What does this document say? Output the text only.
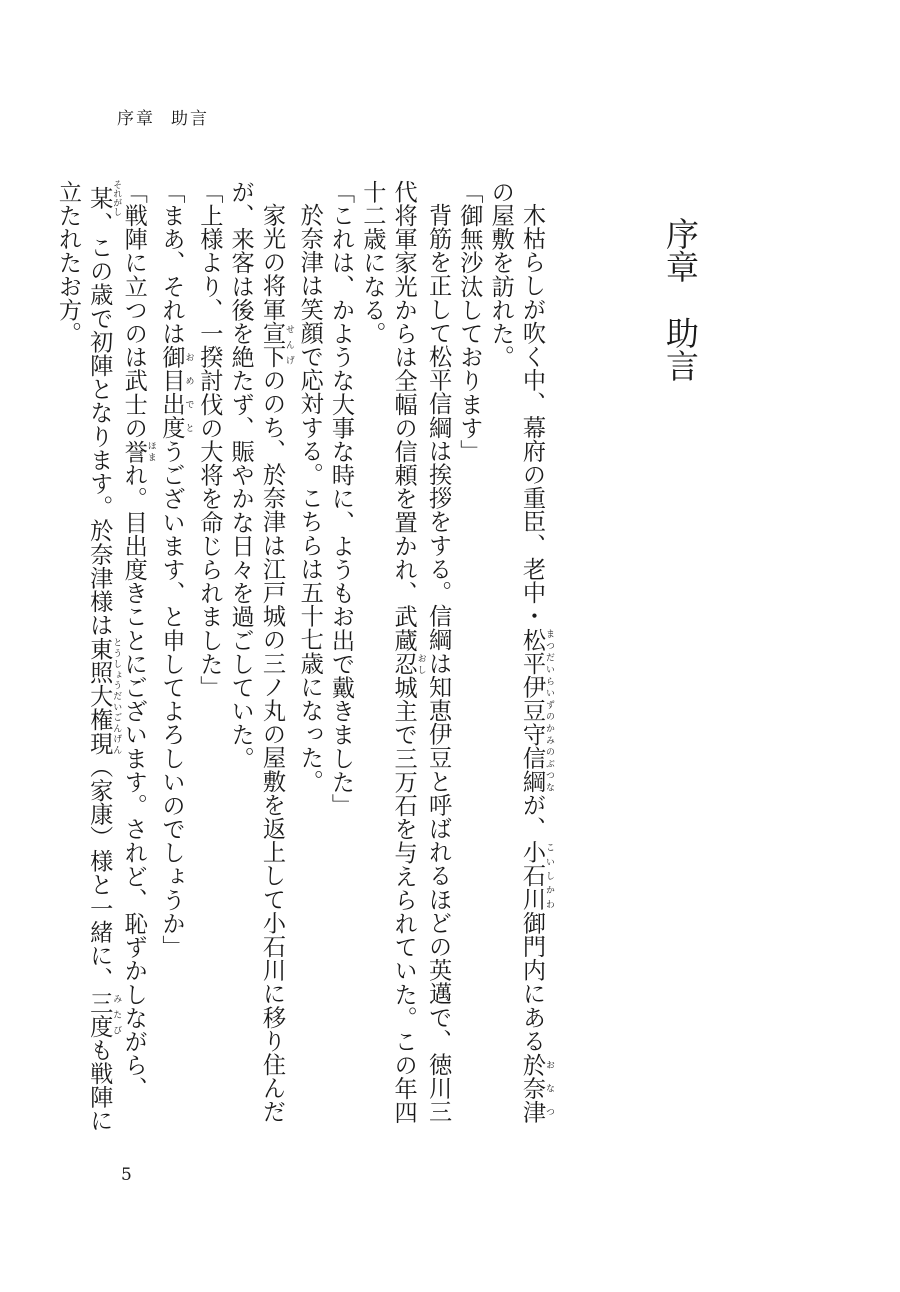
序章 助言
序章助言

木枯らしが吹く中、幕府の重臣、老中・松平伊豆守信綱まつだいらいずのかみのぶつなが、小石川こいしかわ御門内にある於奈津おなつの屋敷を訪れた。

「御無沙汰しております」

背筋を正して松平信綱は挨拶をする。信綱は知恵伊豆と呼ばれるほどの英邁で、徳川三代将軍家光からは全幅の信頼を置かれ、武蔵忍おし城主で三万石を与えられていた。この年四十二歳になる。

「これは、かような大事な時に、ようもお出で戴きました」

於奈津は笑顔で応対する。こちらは五十七歳になった。

家光の将軍宣下せんげののち、於奈津は江戸城の三ノ丸の屋敷を返上して小石川に移り住んだが、来客は後を絶たず、賑やかな日々を過ごしていた。

「上様より、一揆討伐の大将を命じられました」

「まあ、それは御目出度おめでとうございます、と申してよろしいのでしょうか」

「戦陣に立つのは武士の誉ほまれ。目出度きことにございます。されど、恥ずかしながら、某それがし、この歳で初陣となります。於奈津様は東照大権現とうしょうだいごんげん（家康）様と一緒に、三度みたびも戦陣に立たれたお方。

5
